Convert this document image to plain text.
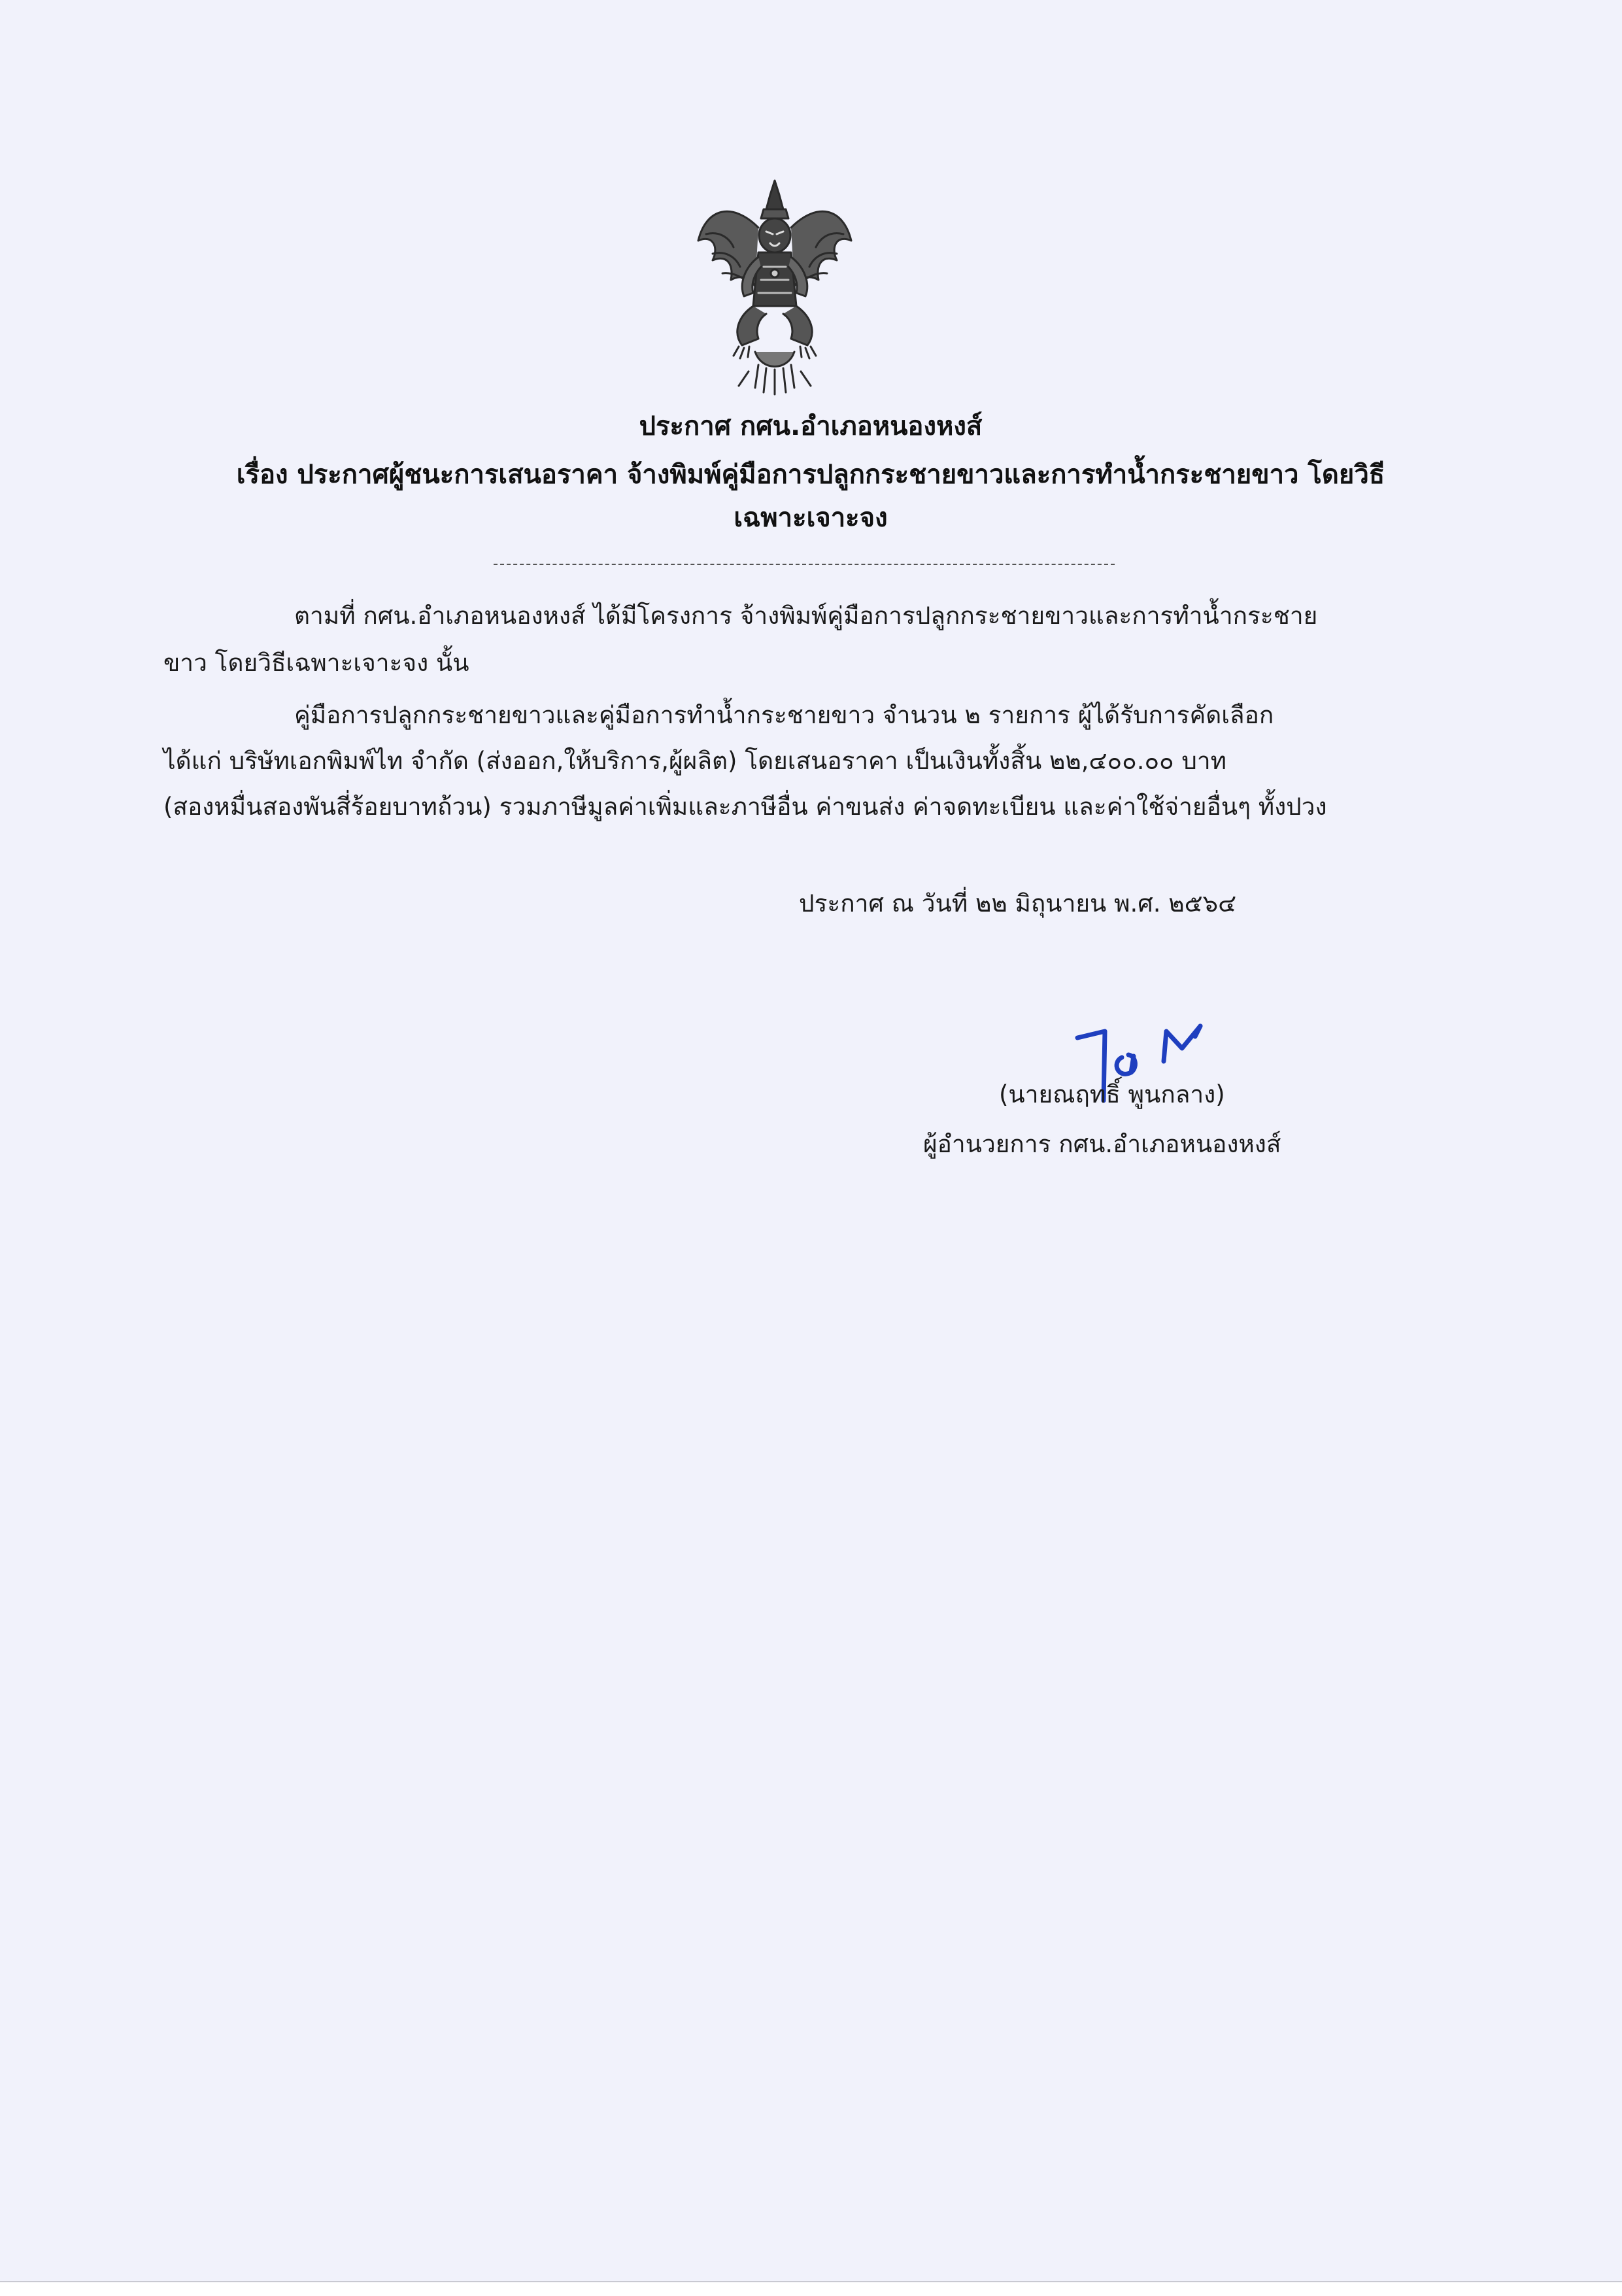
ประกาศ กศน.อำเภอหนองหงส์
เรื่อง ประกาศผู้ชนะการเสนอราคา จ้างพิมพ์คู่มือการปลูกกระชายขาวและการทำน้ำกระชายขาว โดยวิธี
เฉพาะเจาะจง
ตามที่ กศน.อำเภอหนองหงส์ ได้มีโครงการ จ้างพิมพ์คู่มือการปลูกกระชายขาวและการทำน้ำกระชาย
ขาว โดยวิธีเฉพาะเจาะจง นั้น
คู่มือการปลูกกระชายขาวและคู่มือการทำน้ำกระชายขาว จำนวน ๒ รายการ ผู้ได้รับการคัดเลือก
ได้แก่ บริษัทเอกพิมพ์ไท จำกัด (ส่งออก,ให้บริการ,ผู้ผลิต) โดยเสนอราคา เป็นเงินทั้งสิ้น ๒๒,๔๐๐.๐๐ บาท
(สองหมื่นสองพันสี่ร้อยบาทถ้วน) รวมภาษีมูลค่าเพิ่มและภาษีอื่น ค่าขนส่ง ค่าจดทะเบียน และค่าใช้จ่ายอื่นๆ ทั้งปวง
ประกาศ ณ วันที่ ๒๒ มิถุนายน พ.ศ. ๒๕๖๔
(นายณฤทธิ์ พูนกลาง)
ผู้อำนวยการ กศน.อำเภอหนองหงส์
